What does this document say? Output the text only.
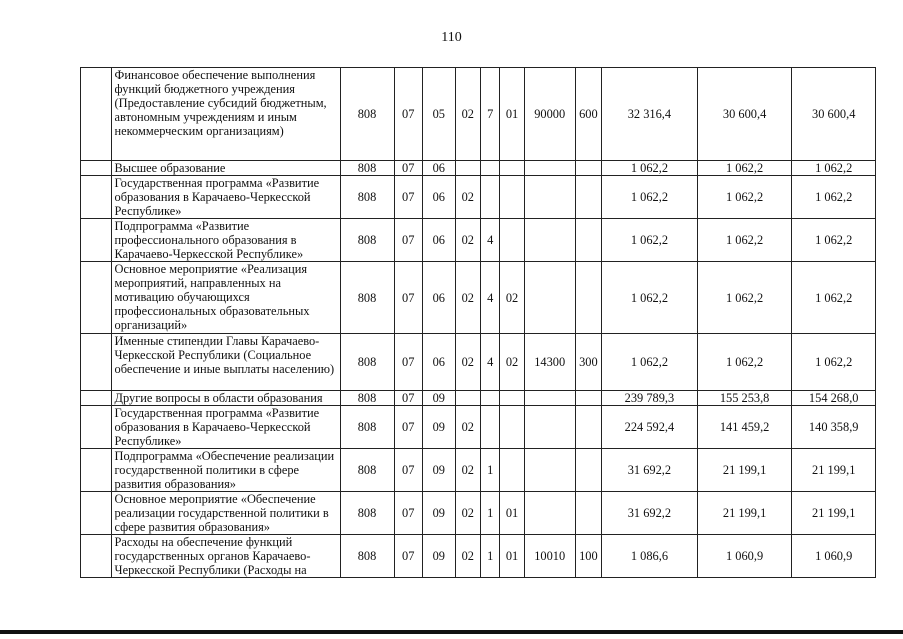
110
	Финансовое обеспечение выполнения функций бюджетного учреждения (Предоставление субсидий бюджетным, автономным учреждениям и иным некоммерческим организациям)	808	07	05	02	7	01	90000	600	32 316,4	30 600,4	30 600,4
	Высшее образование	808	07	06						1 062,2	1 062,2	1 062,2
	Государственная программа «Развитие образования в Карачаево-Черкесской Республике»	808	07	06	02					1 062,2	1 062,2	1 062,2
	Подпрограмма «Развитие профессионального образования в Карачаево-Черкесской Республике»	808	07	06	02	4				1 062,2	1 062,2	1 062,2
	Основное мероприятие «Реализация мероприятий, направленных на мотивацию обучающихся профессиональных образовательных организаций»	808	07	06	02	4	02			1 062,2	1 062,2	1 062,2
	Именные стипендии Главы Карачаево-Черкесской Республики (Социальное обеспечение и иные выплаты населению)	808	07	06	02	4	02	14300	300	1 062,2	1 062,2	1 062,2
	Другие вопросы в области образования	808	07	09						239 789,3	155 253,8	154 268,0
	Государственная программа «Развитие образования в Карачаево-Черкесской Республике»	808	07	09	02					224 592,4	141 459,2	140 358,9
	Подпрограмма «Обеспечение реализации государственной политики в сфере развития образования»	808	07	09	02	1				31 692,2	21 199,1	21 199,1
	Основное мероприятие «Обеспечение реализации государственной политики в сфере развития образования»	808	07	09	02	1	01			31 692,2	21 199,1	21 199,1
	Расходы на обеспечение функций государственных органов Карачаево-Черкесской Республики (Расходы на	808	07	09	02	1	01	10010	100	1 086,6	1 060,9	1 060,9
